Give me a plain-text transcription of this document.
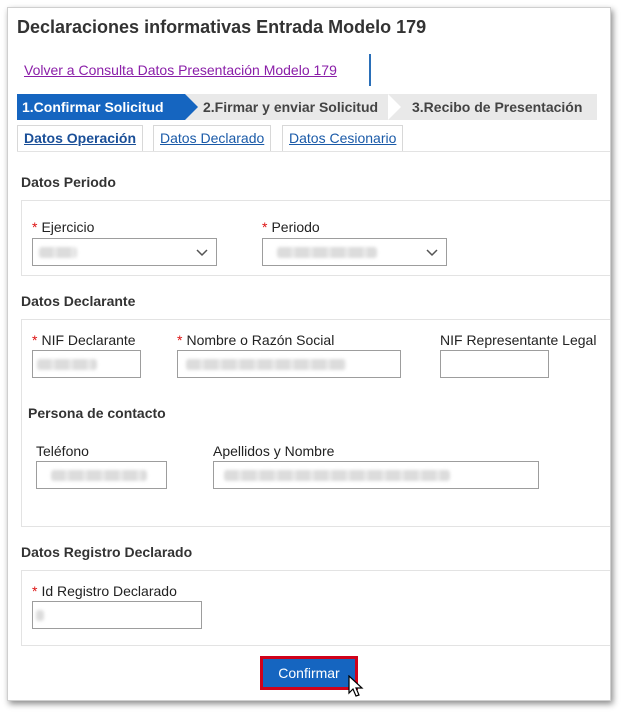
Declaraciones informativas Entrada Modelo 179
Volver a Consulta Datos Presentación Modelo 179
1.Confirmar Solicitud	2.Firmar y enviar Solicitud	3.Recibo de Presentación
Datos Operación	Datos Declarado	Datos Cesionario
Datos Periodo
* Ejercicio	* Periodo
Datos Declarante
* NIF Declarante	* Nombre o Razón Social	NIF Representante Legal
Persona de contacto
Teléfono	Apellidos y Nombre
Datos Registro Declarado
* Id Registro Declarado
Confirmar
